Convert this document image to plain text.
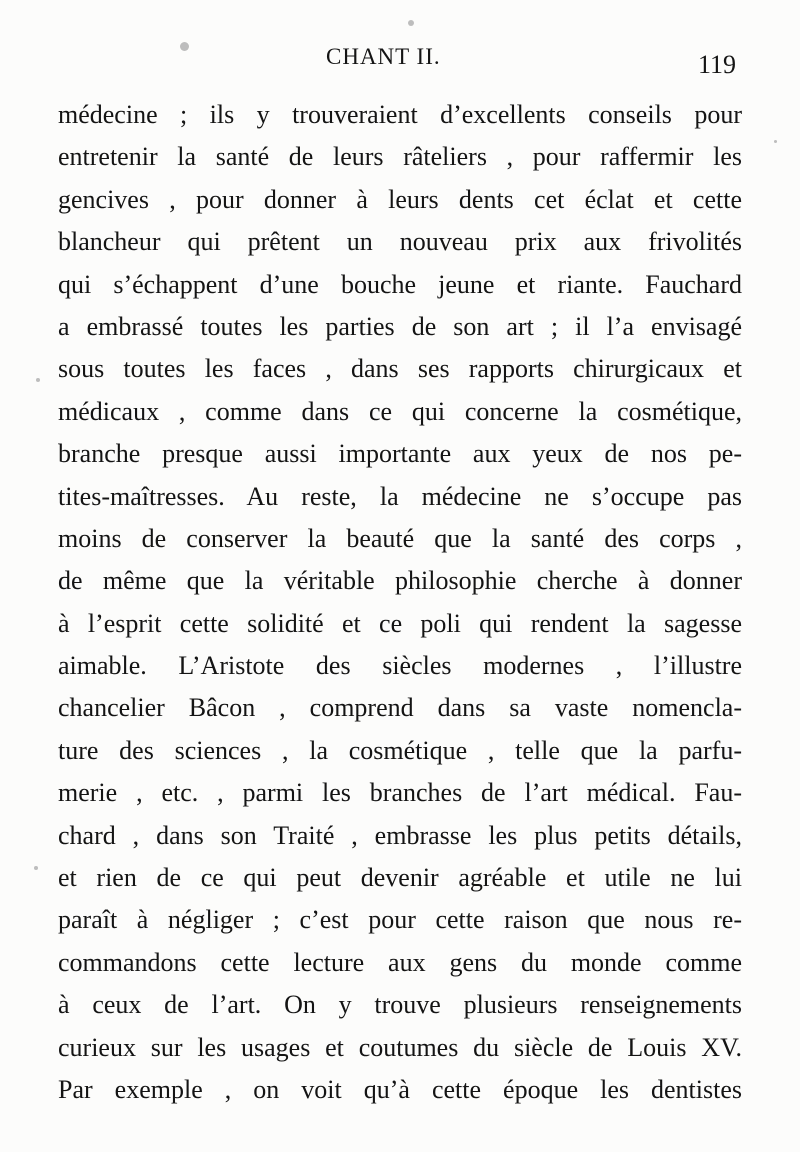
CHANT II.	119
médecine ; ils y trouveraient d’excellents conseils pour
entretenir la santé de leurs râteliers , pour raffermir les
gencives , pour donner à leurs dents cet éclat et cette
blancheur qui prêtent un nouveau prix aux frivolités
qui s’échappent d’une bouche jeune et riante. Fauchard
a embrassé toutes les parties de son art ; il l’a envisagé
sous toutes les faces , dans ses rapports chirurgicaux et
médicaux , comme dans ce qui concerne la cosmétique,
branche presque aussi importante aux yeux de nos pe-
tites-maîtresses. Au reste, la médecine ne s’occupe pas
moins de conserver la beauté que la santé des corps ,
de même que la véritable philosophie cherche à donner
à l’esprit cette solidité et ce poli qui rendent la sagesse
aimable. L’Aristote des siècles modernes , l’illustre
chancelier Bâcon , comprend dans sa vaste nomencla-
ture des sciences , la cosmétique , telle que la parfu-
merie , etc. , parmi les branches de l’art médical. Fau-
chard , dans son Traité , embrasse les plus petits détails,
et rien de ce qui peut devenir agréable et utile ne lui
paraît à négliger ; c’est pour cette raison que nous re-
commandons cette lecture aux gens du monde comme
à ceux de l’art. On y trouve plusieurs renseignements
curieux sur les usages et coutumes du siècle de Louis XV.
Par exemple , on voit qu’à cette époque les dentistes
